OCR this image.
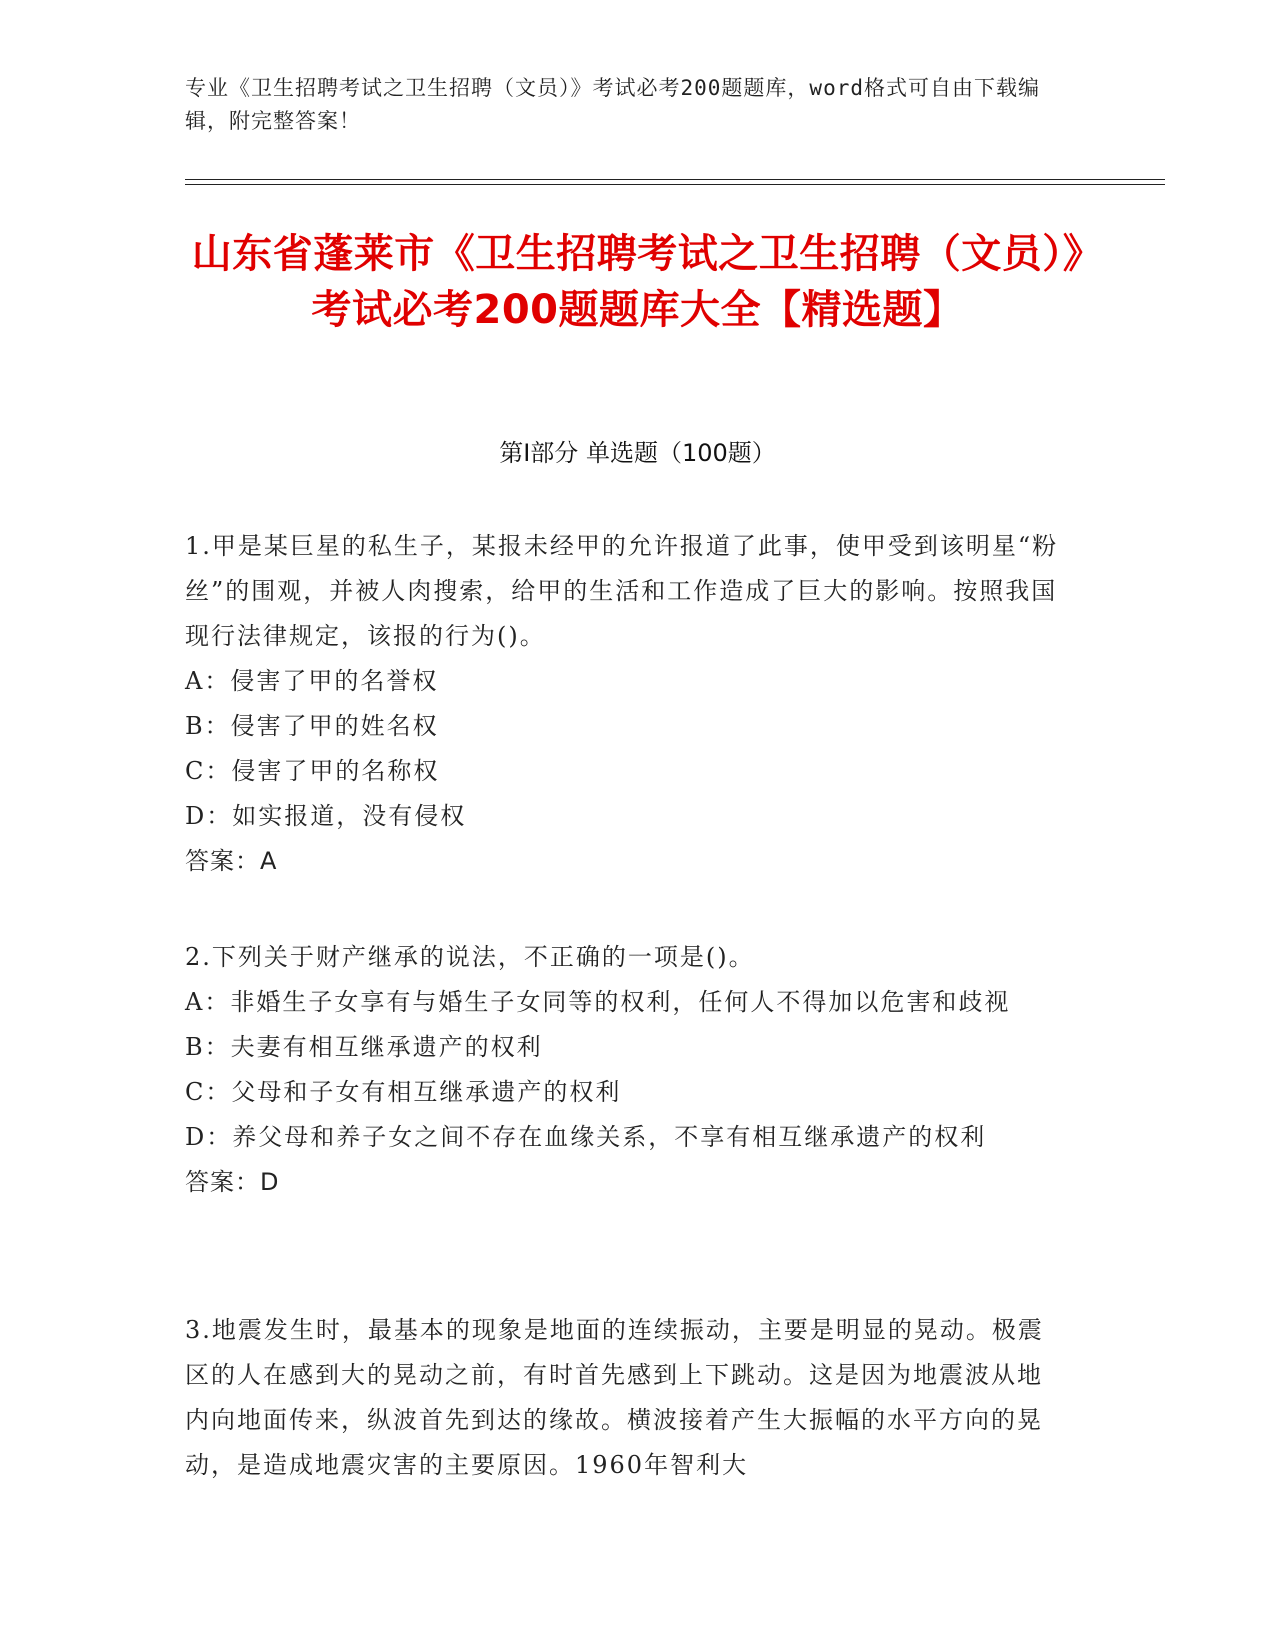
专业《卫生招聘考试之卫生招聘（文员）》考试必考200题题库，word格式可自由下载编辑，附完整答案！
山东省蓬莱市《卫生招聘考试之卫生招聘（文员）》考试必考200题题库大全【精选题】
第I部分 单选题（100题）

1.甲是某巨星的私生子，某报未经甲的允许报道了此事，使甲受到该明星“粉丝”的围观，并被人肉搜索，给甲的生活和工作造成了巨大的影响。按照我国现行法律规定，该报的行为()。

A：侵害了甲的名誉权

B：侵害了甲的姓名权

C：侵害了甲的名称权

D：如实报道，没有侵权

答案：A

2.下列关于财产继承的说法，不正确的一项是()。

A：非婚生子女享有与婚生子女同等的权利，任何人不得加以危害和歧视

B：夫妻有相互继承遗产的权利

C：父母和子女有相互继承遗产的权利

D：养父母和养子女之间不存在血缘关系，不享有相互继承遗产的权利

答案：D

3.地震发生时，最基本的现象是地面的连续振动，主要是明显的晃动。极震区的人在感到大的晃动之前，有时首先感到上下跳动。这是因为地震波从地内向地面传来，纵波首先到达的缘故。横波接着产生大振幅的水平方向的晃动，是造成地震灾害的主要原因。1960年智利大
